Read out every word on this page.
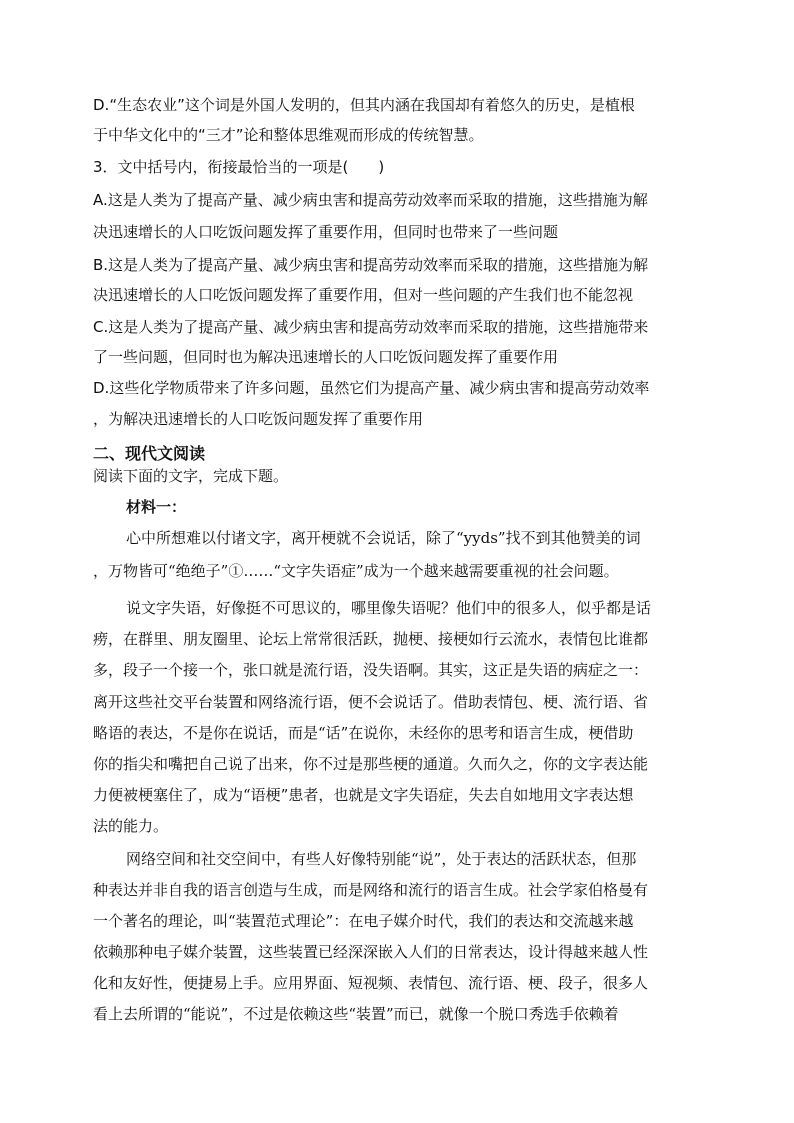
D.“生态农业”这个词是外国人发明的，但其内涵在我国却有着悠久的历史，是植根
于中华文化中的“三才”论和整体思维观而形成的传统智慧。
3．文中括号内，衔接最恰当的一项是(　　)
A.这是人类为了提高产量、减少病虫害和提高劳动效率而采取的措施，这些措施为解
决迅速增长的人口吃饭问题发挥了重要作用，但同时也带来了一些问题
B.这是人类为了提高产量、减少病虫害和提高劳动效率而采取的措施，这些措施为解
决迅速增长的人口吃饭问题发挥了重要作用，但对一些问题的产生我们也不能忽视
C.这是人类为了提高产量、减少病虫害和提高劳动效率而采取的措施，这些措施带来
了一些问题，但同时也为解决迅速增长的人口吃饭问题发挥了重要作用
D.这些化学物质带来了许多问题，虽然它们为提高产量、减少病虫害和提高劳动效率
，为解决迅速增长的人口吃饭问题发挥了重要作用
二、现代文阅读
阅读下面的文字，完成下题。
材料一：
心中所想难以付诸文字，离开梗就不会说话，除了“yyds”找不到其他赞美的词
，万物皆可“绝绝子”①……“文字失语症”成为一个越来越需要重视的社会问题。
说文字失语，好像挺不可思议的，哪里像失语呢？他们中的很多人，似乎都是话
痨，在群里、朋友圈里、论坛上常常很活跃，抛梗、接梗如行云流水，表情包比谁都
多，段子一个接一个，张口就是流行语，没失语啊。其实，这正是失语的病症之一：
离开这些社交平台装置和网络流行语，便不会说话了。借助表情包、梗、流行语、省
略语的表达，不是你在说话，而是“话”在说你，未经你的思考和语言生成，梗借助
你的指尖和嘴把自己说了出来，你不过是那些梗的通道。久而久之，你的文字表达能
力便被梗塞住了，成为“语梗”患者，也就是文字失语症，失去自如地用文字表达想
法的能力。
网络空间和社交空间中，有些人好像特别能“说”，处于表达的活跃状态，但那
种表达并非自我的语言创造与生成，而是网络和流行的语言生成。社会学家伯格曼有
一个著名的理论，叫“装置范式理论”：在电子媒介时代，我们的表达和交流越来越
依赖那种电子媒介装置，这些装置已经深深嵌入人们的日常表达，设计得越来越人性
化和友好性，便捷易上手。应用界面、短视频、表情包、流行语、梗、段子，很多人
看上去所谓的“能说”，不过是依赖这些“装置”而已，就像一个脱口秀选手依赖着
